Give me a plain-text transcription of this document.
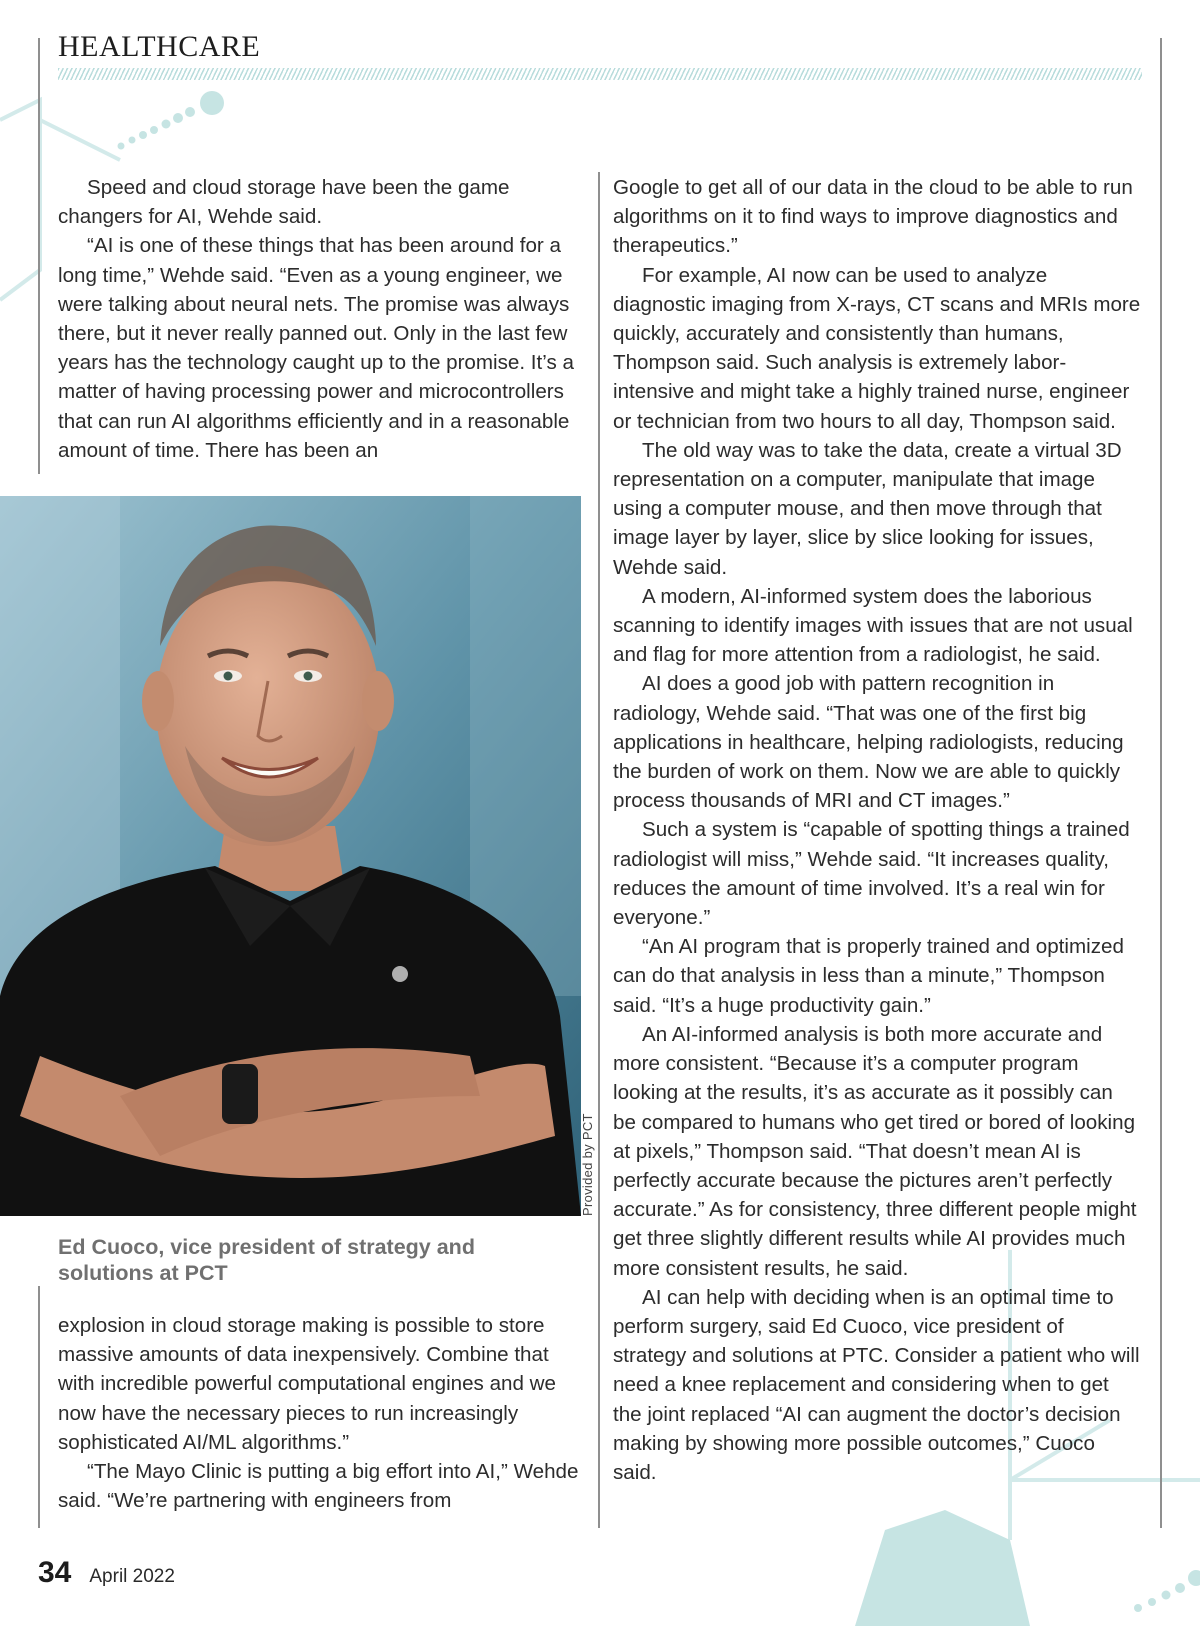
HEALTHCARE

Speed and cloud storage have been the game changers for AI, Wehde said.

“AI is one of these things that has been around for a long time,” Wehde said. “Even as a young engineer, we were talking about neural nets. The promise was always there, but it never really panned out. Only in the last few years has the technology caught up to the promise. It’s a matter of having processing power and microcontrollers that can run AI algorithms efficiently and in a reasonable amount of time. There has been an

Provided by PCT

Ed Cuoco, vice president of strategy and solutions at PCT

explosion in cloud storage making is possible to store massive amounts of data inexpensively. Combine that with incredible powerful computational engines and we now have the necessary pieces to run increasingly sophisticated AI/ML algorithms.”

“The Mayo Clinic is putting a big effort into AI,” Wehde said. “We’re partnering with engineers from

Google to get all of our data in the cloud to be able to run algorithms on it to find ways to improve diagnostics and therapeutics.”

For example, AI now can be used to analyze diagnostic imaging from X-rays, CT scans and MRIs more quickly, accurately and consistently than humans, Thompson said. Such analysis is extremely labor-intensive and might take a highly trained nurse, engineer or technician from two hours to all day, Thompson said.

The old way was to take the data, create a virtual 3D representation on a computer, manipulate that image using a computer mouse, and then move through that image layer by layer, slice by slice looking for issues, Wehde said.

A modern, AI-informed system does the laborious scanning to identify images with issues that are not usual and flag for more attention from a radiologist, he said.

AI does a good job with pattern recognition in radiology, Wehde said. “That was one of the first big applications in healthcare, helping radiologists, reducing the burden of work on them. Now we are able to quickly process thousands of MRI and CT images.”

Such a system is “capable of spotting things a trained radiologist will miss,” Wehde said. “It increases quality, reduces the amount of time involved. It’s a real win for everyone.”

“An AI program that is properly trained and optimized can do that analysis in less than a minute,” Thompson said. “It’s a huge productivity gain.”

An AI-informed analysis is both more accurate and more consistent. “Because it’s a computer program looking at the results, it’s as accurate as it possibly can be compared to humans who get tired or bored of looking at pixels,” Thompson said. “That doesn’t mean AI is perfectly accurate because the pictures aren’t perfectly accurate.” As for consistency, three different people might get three slightly different results while AI provides much more consistent results, he said.

AI can help with deciding when is an optimal time to perform surgery, said Ed Cuoco, vice president of strategy and solutions at PTC. Consider a patient who will need a knee replacement and considering when to get the joint replaced “AI can augment the doctor’s decision making by showing more possible outcomes,” Cuoco said.

34 April 2022
